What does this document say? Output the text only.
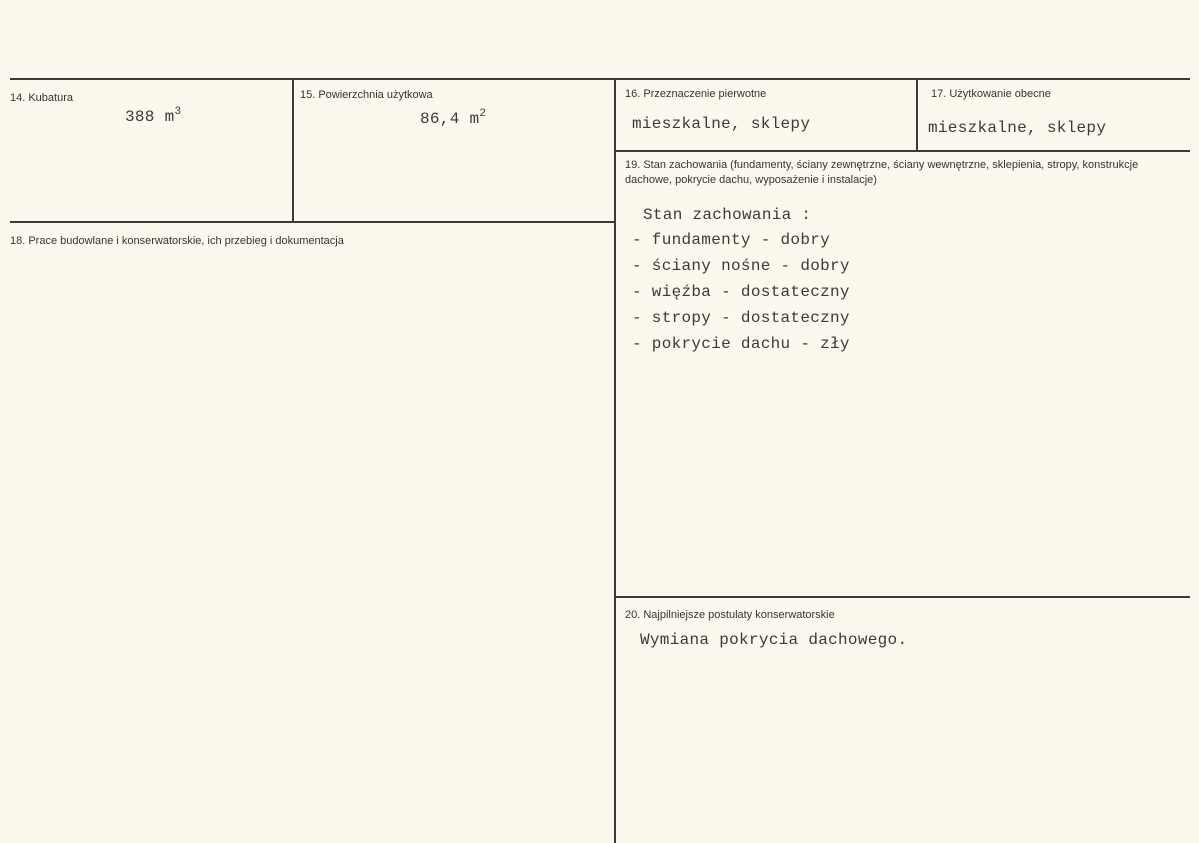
14. Kubatura
388 $m^3$
15. Powierzchnia użytkowa
86,4 $m^2$
16. Przeznaczenie pierwotne
mieszkalne, sklepy
17. Użytkowanie obecne
mieszkalne, sklepy
18. Prace budowlane i konserwatorskie, ich przebieg i dokumentacja
19. Stan zachowania (fundamenty, ściany zewnętrzne, ściany wewnętrzne, sklepienia, stropy, konstrukcje dachowe, pokrycie dachu, wyposażenie i instalacje)
Stan zachowania :
- fundamenty - dobry
- ściany nośne - dobry
- więźba - dostateczny
- stropy - dostateczny
- pokrycie dachu - zły
20. Najpilniejsze postulaty konserwatorskie
Wymiana pokrycia dachowego.
